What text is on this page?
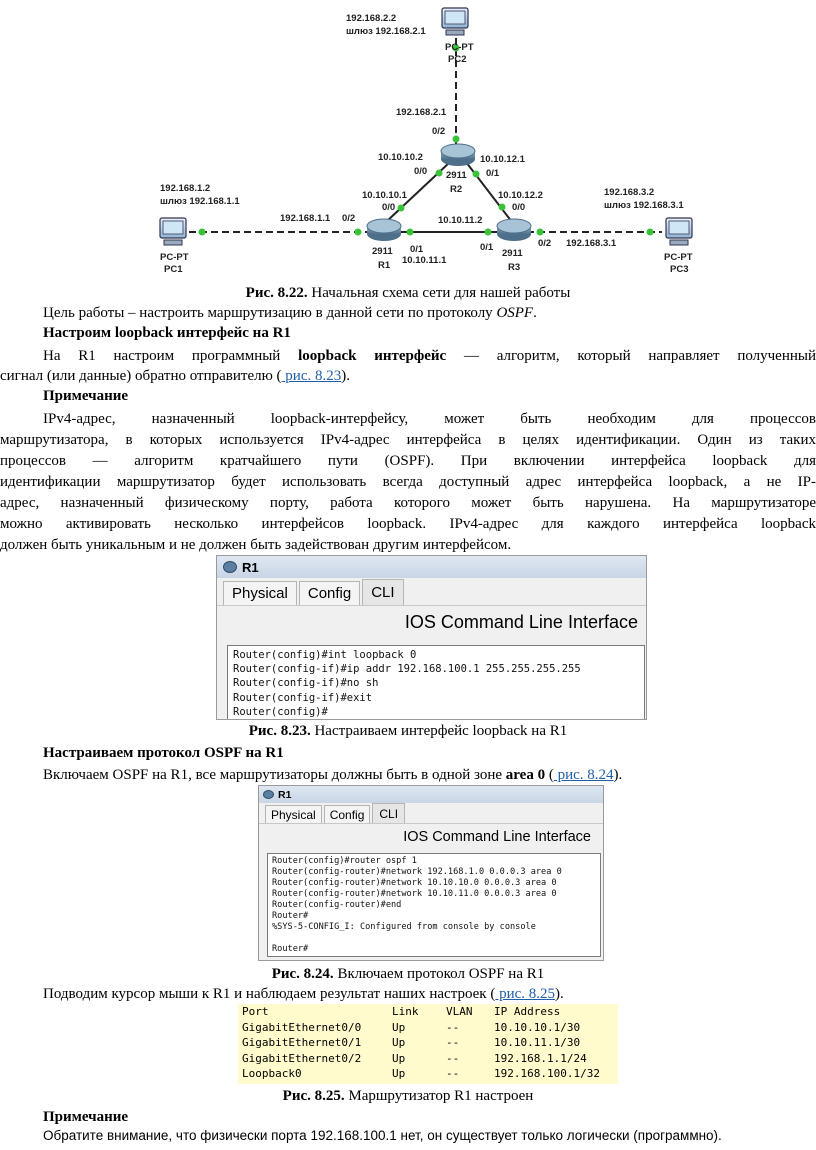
192.168.2.2
шлюз 192.168.2.1
PC-PT
PC2
192.168.2.1
0/2
10.10.10.2
0/0
10.10.12.1
0/1
2911
R2
192.168.1.2
шлюз 192.168.1.1
PC-PT
PC1
10.10.10.1
0/0
192.168.1.1 0/2
0/1
10.10.11.1
2911
R1
10.10.12.2
0/0
10.10.11.2
0/1	0/2 192.168.3.1
2911
R3
192.168.3.2
шлюз 192.168.3.1
PC-PT
PC3
Рис. 8.22. Начальная схема сети для нашей работы
Цель работы – настроить маршрутизацию в данной сети по протоколу OSPF.
Настроим loopback интерфейс на R1
На R1 настроим программный loopback интерфейс — алгоритм, который направляет полученный
сигнал (или данные) обратно отправителю ( рис. 8.23).
Примечание
IPv4-адрес, назначенный loopback-интерфейсу, может быть необходим для процессов
маршрутизатора, в которых используется IPv4-адрес интерфейса в целях идентификации. Один из таких
процессов — алгоритм кратчайшего пути (OSPF). При включении интерфейса loopback для
идентификации маршрутизатор будет использовать всегда доступный адрес интерфейса loopback, а не IP-
адрес, назначенный физическому порту, работа которого может быть нарушена. На маршрутизаторе
можно активировать несколько интерфейсов loopback. IPv4-адрес для каждого интерфейса loopback
должен быть уникальным и не должен быть задействован другим интерфейсом.
R1
Physical	Config	CLI
IOS Command Line Interface
Router(config)#int loopback 0
Router(config-if)#ip addr 192.168.100.1 255.255.255.255
Router(config-if)#no sh
Router(config-if)#exit
Router(config)#
Рис. 8.23. Настраиваем интерфейс loopback на R1
Настраиваем протокол OSPF на R1
Включаем OSPF на R1, все маршрутизаторы должны быть в одной зоне area 0 ( рис. 8.24).
R1
Physical	Config	CLI
IOS Command Line Interface
Router(config)#router ospf 1
Router(config-router)#network 192.168.1.0 0.0.0.3 area 0
Router(config-router)#network 10.10.10.0 0.0.0.3 area 0
Router(config-router)#network 10.10.11.0 0.0.0.3 area 0
Router(config-router)#end
Router#
%SYS-5-CONFIG_I: Configured from console by console
Router#
Рис. 8.24. Включаем протокол OSPF на R1
Подводим курсор мыши к R1 и наблюдаем результат наших настроек ( рис. 8.25).
Port	Link	VLAN	IP Address
GigabitEthernet0/0	Up	--	10.10.10.1/30
GigabitEthernet0/1	Up	--	10.10.11.1/30
GigabitEthernet0/2	Up	--	192.168.1.1/24
Loopback0	Up	--	192.168.100.1/32
Рис. 8.25. Маршрутизатор R1 настроен
Примечание
Обратите внимание, что физически порта 192.168.100.1 нет, он существует только логически (программно).
